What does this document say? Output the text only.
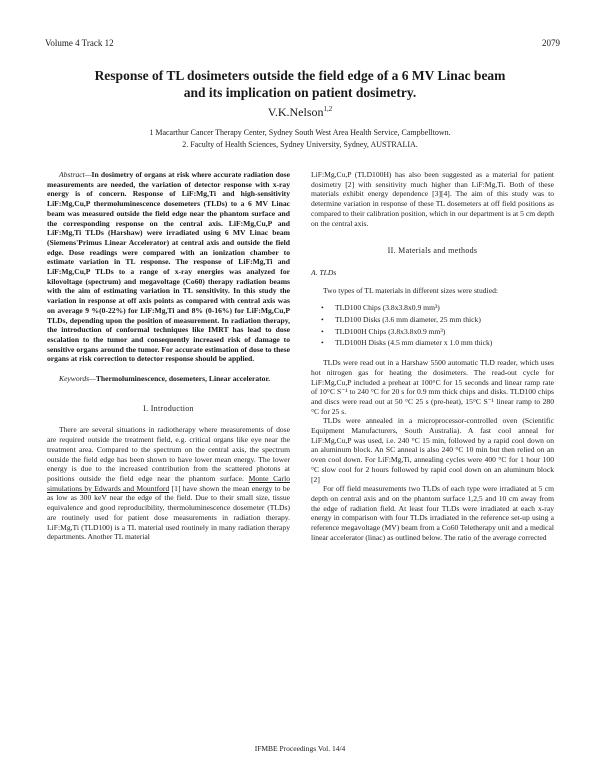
Volume 4 Track 12	2079
Response of TL dosimeters outside the field edge of a 6 MV Linac beam
and its implication on patient dosimetry.
V.K.Nelson$^{1,2}$
1 Macarthur Cancer Therapy Center, Sydney South West Area Health Service, Campbelltown.
2. Faculty of Health Sciences, Sydney University, Sydney, AUSTRALIA.

Abstract—In dosimetry of organs at risk where accurate radiation dose measurements are needed, the variation of detector response with x-ray energy is of concern. Response of LiF:Mg,Ti and high-sensitivity LiF:Mg,Cu,P thermoluminescence dosemeters (TLDs) to a 6 MV Linac beam was measured outside the field edge near the phantom surface and the corresponding response on the central axis. LiF:Mg,Cu,P and LiF:Mg,Ti TLDs (Harshaw) were irradiated using 6 MV Linac beam (Siemens'Primus Linear Accelerator) at central axis and outside the field edge. Dose readings were compared with an ionization chamber to estimate variation in TL response. The response of LiF:Mg,Ti and LiF:Mg,Cu,P TLDs to a range of x-ray energies was analyzed for kilovoltage (spectrum) and megavoltage (Co60) therapy radiation beams with the aim of estimating variation in TL sensitivity. In this study the variation in response at off axis points as compared with central axis was on average 9 %(0-22%) for LiF:Mg,Ti and 8% (0-16%) for LiF:Mg,Cu,P TLDs, depending upon the position of measurement. In radiation therapy, the introduction of conformal techniques like IMRT has lead to dose escalation to the tumor and consequently increased risk of damage to sensitive organs around the tumor. For accurate estimation of dose to these organs at risk correction to detector response should be applied.

Keywords—Thermoluminescence, dosemeters, Linear accelerator.

I. Introduction

There are several situations in radiotherapy where measurements of dose are required outside the treatment field, e.g. critical organs like eye near the treatment area. Compared to the spectrum on the central axis, the spectrum outside the field edge has been shown to have lower mean energy. The lower energy is due to the increased contribution from the scattered photons at positions outside the field edge near the phantom surface. Monte Carlo simulations by Edwards and Mountford [1] have shown the mean energy to be as low as 300 keV near the edge of the field. Due to their small size, tissue equivalence and good reproducibility, thermoluminescence dosemeter (TLDs) are routinely used for patient dose measurements in radiation therapy. LiF:Mg,Ti (TLD100) is a TL material used routinely in many radiation therapy departments. Another TL material

LiF:Mg,Cu,P (TLD100H) has also been suggested as a material for patient dosimetry [2] with sensitivity much higher than LiF:Mg,Ti. Both of these materials exhibit energy dependence [3][4]. The aim of this study was to determine variation in response of these TL dosemeters at off field positions as compared to their calibration position, which in our department is at 5 cm depth on the central axis.

II. Materials and methods
A. TLDs

Two types of TL materials in different sizes were studied:

• TLD100 Chips (3.8x3.8x0.9 mm³)
• TLD100 Disks (3.6 mm diameter, 25 mm thick)
• TLD100H Chips (3.8x3.8x0.9 mm³)
• TLD100H Disks (4.5 mm diameter x 1.0 mm thick)

TLDs were read out in a Harshaw 5500 automatic TLD reader, which uses hot nitrogen gas for heating the dosimeters. The read-out cycle for LiF:Mg,Cu,P included a preheat at 100°C for 15 seconds and linear ramp rate of 10°C S⁻¹ to 240 °C for 20 s for 0.9 mm thick chips and disks. TLD100 chips and discs were read out at 50 °C 25 s (pre-heat), 15°C S⁻¹ linear ramp to 280 °C for 25 s.

TLDs were annealed in a microprocessor-controlled oven (Scientific Equipment Manufacturers, South Australia). A fast cool anneal for LiF:Mg,Cu,P was used, i.e. 240 °C 15 min, followed by a rapid cool down on an aluminum block. An SC anneal is also 240 °C 10 min but then relied on an oven cool down. For LiF:Mg,Ti, annealing cycles were 400 °C for 1 hour 100 °C slow cool for 2 hours followed by rapid cool down on an aluminum block [2]

For off field measurements two TLDs of each type were irradiated at 5 cm depth on central axis and on the phantom surface 1,2,5 and 10 cm away from the edge of radiation field. At least four TLDs were irradiated at each x-ray energy in comparison with four TLDs irradiated in the reference set-up using a reference megavoltage (MV) beam from a Co60 Teletherapy unit and a medical linear accelerator (linac) as outlined below. The ratio of the average corrected

IFMBE Proceedings Vol. 14/4
